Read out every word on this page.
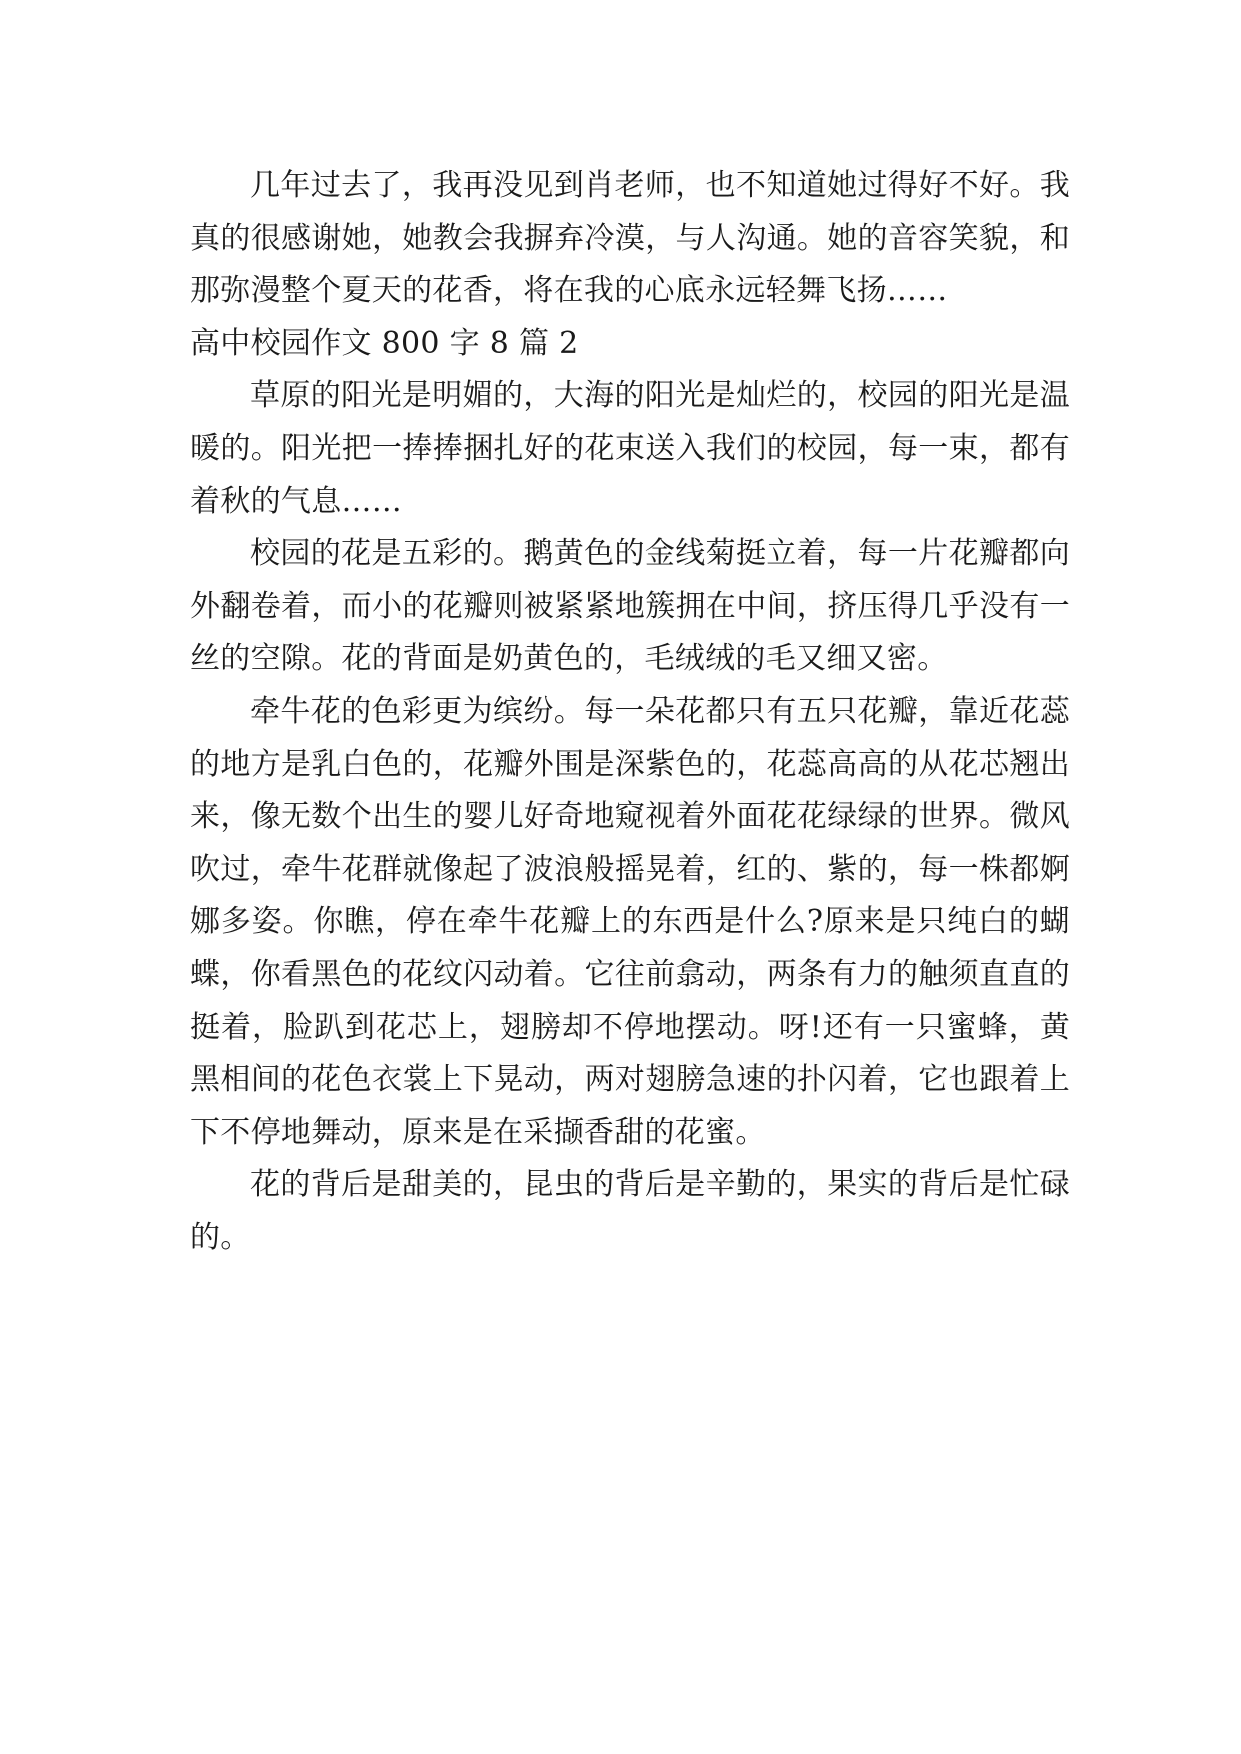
几年过去了，我再没见到肖老师，也不知道她过得好不好。我真的很感谢她，她教会我摒弃冷漠，与人沟通。她的音容笑貌，和那弥漫整个夏天的花香，将在我的心底永远轻舞飞扬……

高中校园作文 800 字 8 篇 2

草原的阳光是明媚的，大海的阳光是灿烂的，校园的阳光是温暖的。阳光把一捧捧捆扎好的花束送入我们的校园，每一束，都有着秋的气息……

校园的花是五彩的。鹅黄色的金线菊挺立着，每一片花瓣都向外翻卷着，而小的花瓣则被紧紧地簇拥在中间，挤压得几乎没有一丝的空隙。花的背面是奶黄色的，毛绒绒的毛又细又密。

牵牛花的色彩更为缤纷。每一朵花都只有五只花瓣，靠近花蕊的地方是乳白色的，花瓣外围是深紫色的，花蕊高高的从花芯翘出来，像无数个出生的婴儿好奇地窥视着外面花花绿绿的世界。微风吹过，牵牛花群就像起了波浪般摇晃着，红的、紫的，每一株都婀娜多姿。你瞧，停在牵牛花瓣上的东西是什么?原来是只纯白的蝴蝶，你看黑色的花纹闪动着。它往前翕动，两条有力的触须直直的挺着，脸趴到花芯上，翅膀却不停地摆动。呀!还有一只蜜蜂，黄黑相间的花色衣裳上下晃动，两对翅膀急速的扑闪着，它也跟着上下不停地舞动，原来是在采撷香甜的花蜜。

花的背后是甜美的，昆虫的背后是辛勤的，果实的背后是忙碌的。
